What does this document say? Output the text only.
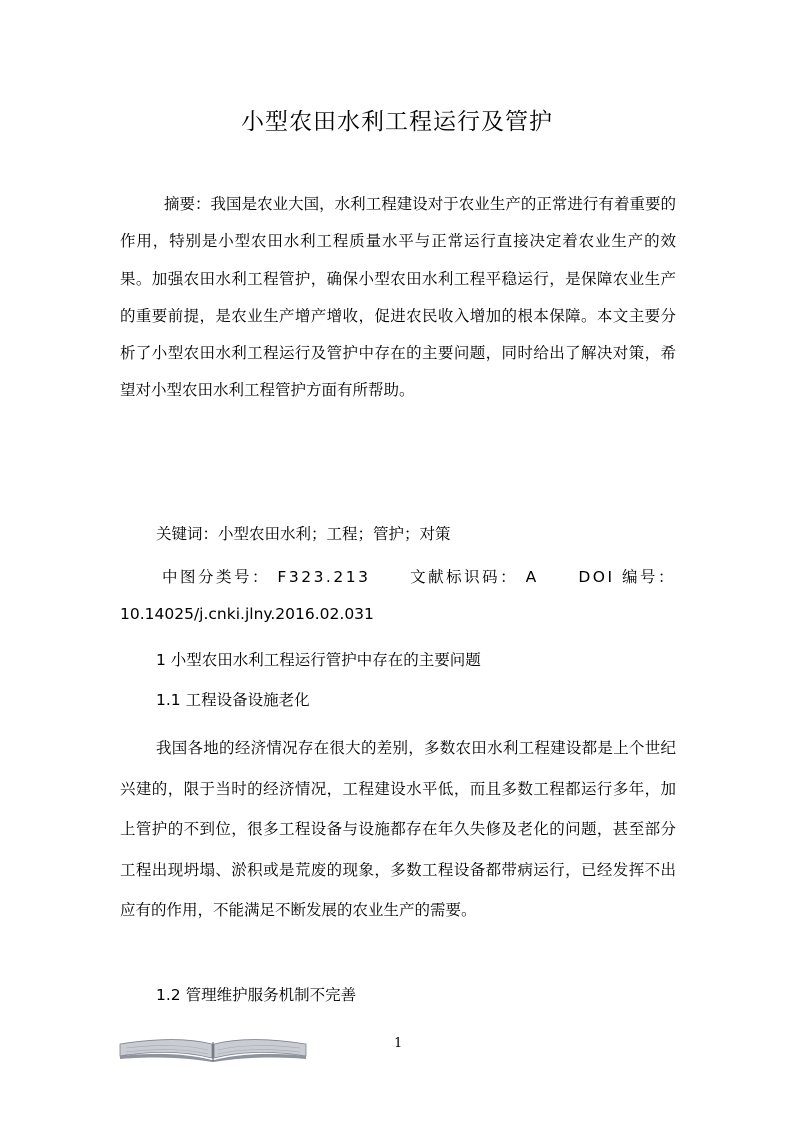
小型农田水利工程运行及管护

摘要：我国是农业大国，水利工程建设对于农业生产的正常进行有着重要的作用，特别是小型农田水利工程质量水平与正常运行直接决定着农业生产的效果。加强农田水利工程管护，确保小型农田水利工程平稳运行，是保障农业生产的重要前提，是农业生产增产增收，促进农民收入增加的根本保障。本文主要分析了小型农田水利工程运行及管护中存在的主要问题，同时给出了解决对策，希望对小型农田水利工程管护方面有所帮助。

关键词：小型农田水利；工程；管护；对策

中图分类号： F323.213	文献标识码： A	DOI 编号：

10.14025/j.cnki.jlny.2016.02.031

1 小型农田水利工程运行管护中存在的主要问题

1.1 工程设备设施老化

我国各地的经济情况存在很大的差别，多数农田水利工程建设都是上个世纪兴建的，限于当时的经济情况，工程建设水平低，而且多数工程都运行多年，加上管护的不到位，很多工程设备与设施都存在年久失修及老化的问题，甚至部分工程出现坍塌、淤积或是荒废的现象，多数工程设备都带病运行，已经发挥不出应有的作用，不能满足不断发展的农业生产的需要。

1.2 管理维护服务机制不完善

1
